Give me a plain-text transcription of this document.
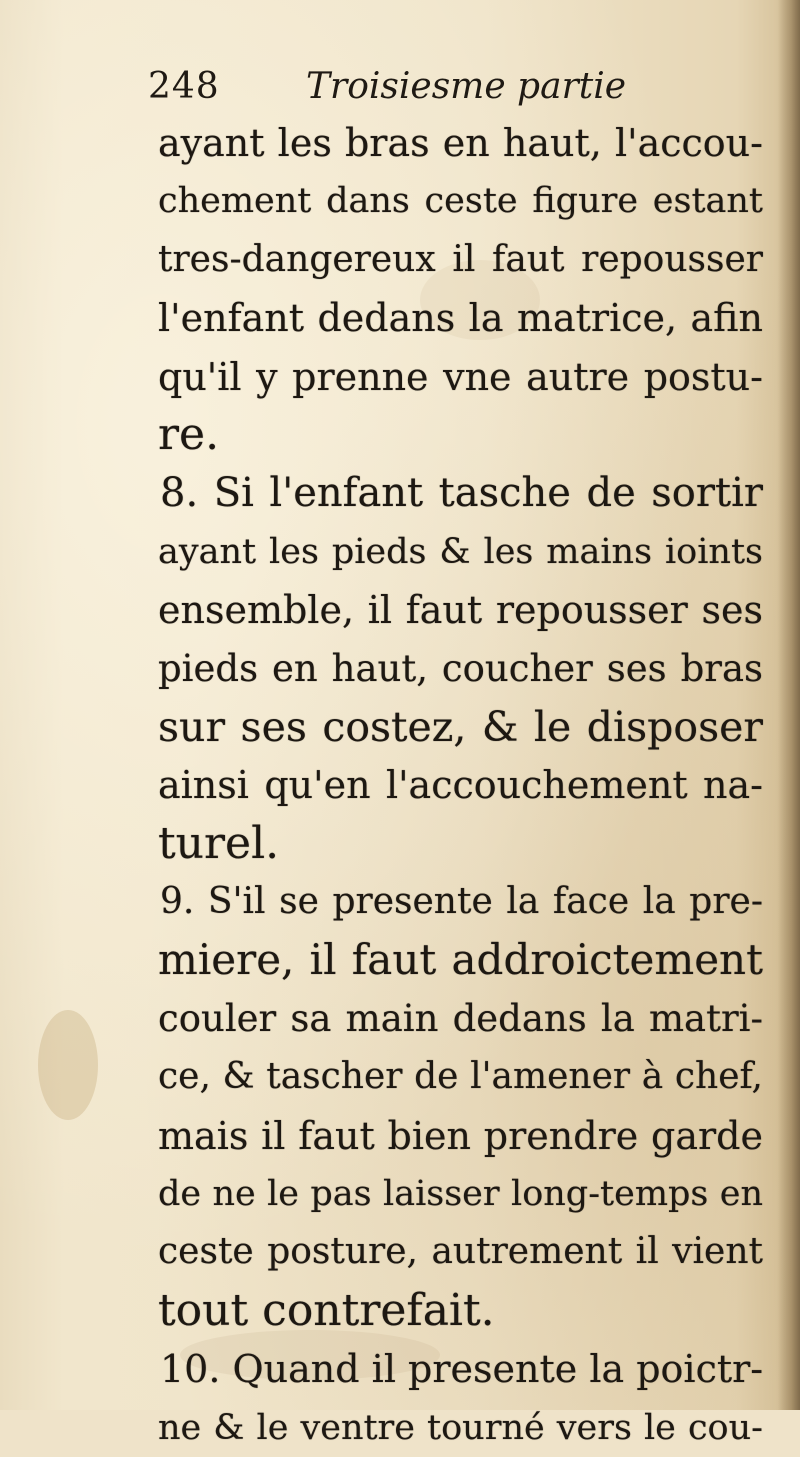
248 Troisiesme partie
ayant les bras en haut, l'accou-
chement dans ceste figure estant
tres-dangereux il faut repousser
l'enfant dedans la matrice, afin
qu'il y prenne vne autre postu-
re.
8. Si l'enfant tasche de sortir
ayant les pieds & les mains ioints
ensemble, il faut repousser ses
pieds en haut, coucher ses bras
sur ses costez, & le disposer
ainsi qu'en l'accouchement na-
turel.
9. S'il se presente la face la pre-
miere, il faut addroictement
couler sa main dedans la matri-
ce, & tascher de l'amener à chef,
mais il faut bien prendre garde
de ne le pas laisser long-temps en
ceste posture, autrement il vient
tout contrefait.
10. Quand il presente la poictr-
ne & le ventre tourné vers le cou-
